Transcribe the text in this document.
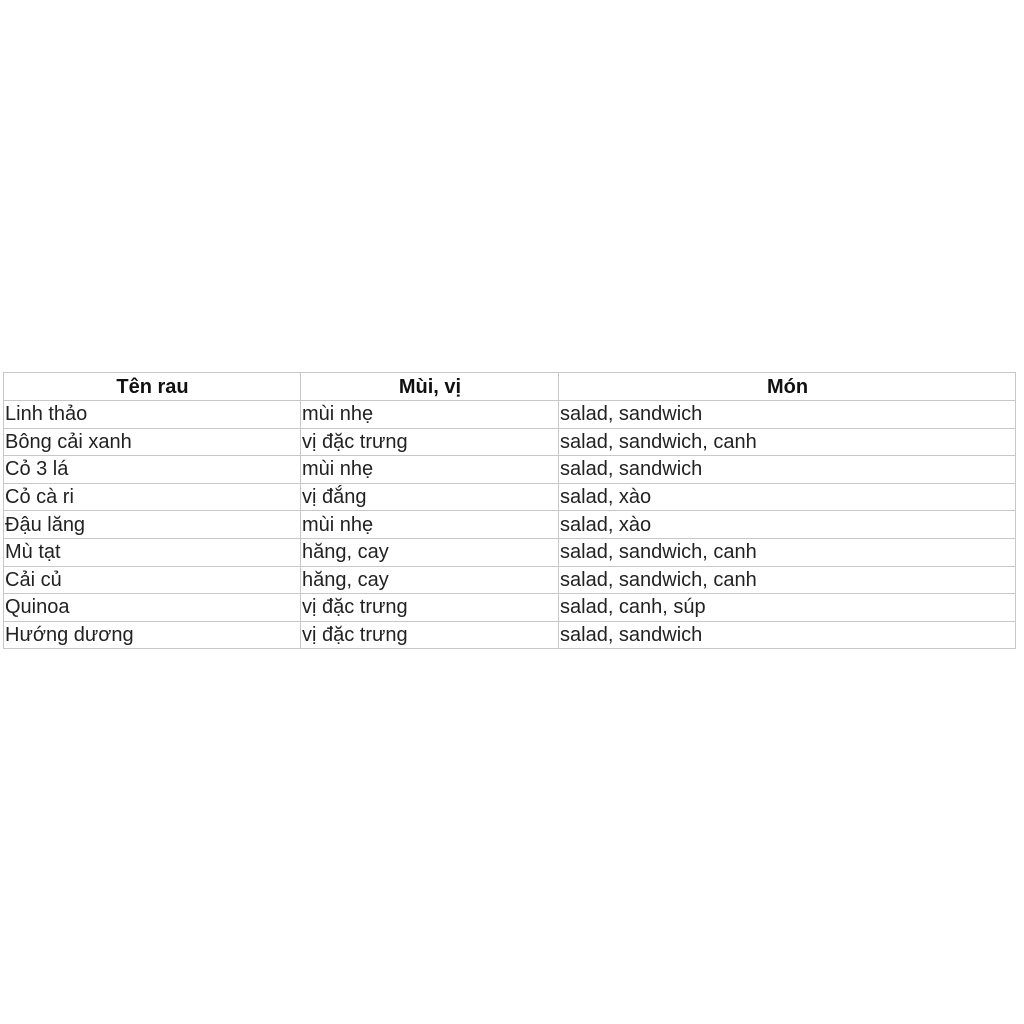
Tên rau	Mùi, vị	Món
Linh thảo	mùi nhẹ	salad, sandwich
Bông cải xanh	vị đặc trưng	salad, sandwich, canh
Cỏ 3 lá	mùi nhẹ	salad, sandwich
Cỏ cà ri	vị đắng	salad, xào
Đậu lăng	mùi nhẹ	salad, xào
Mù tạt	hăng, cay	salad, sandwich, canh
Cải củ	hăng, cay	salad, sandwich, canh
Quinoa	vị đặc trưng	salad, canh, súp
Hướng dương	vị đặc trưng	salad, sandwich
